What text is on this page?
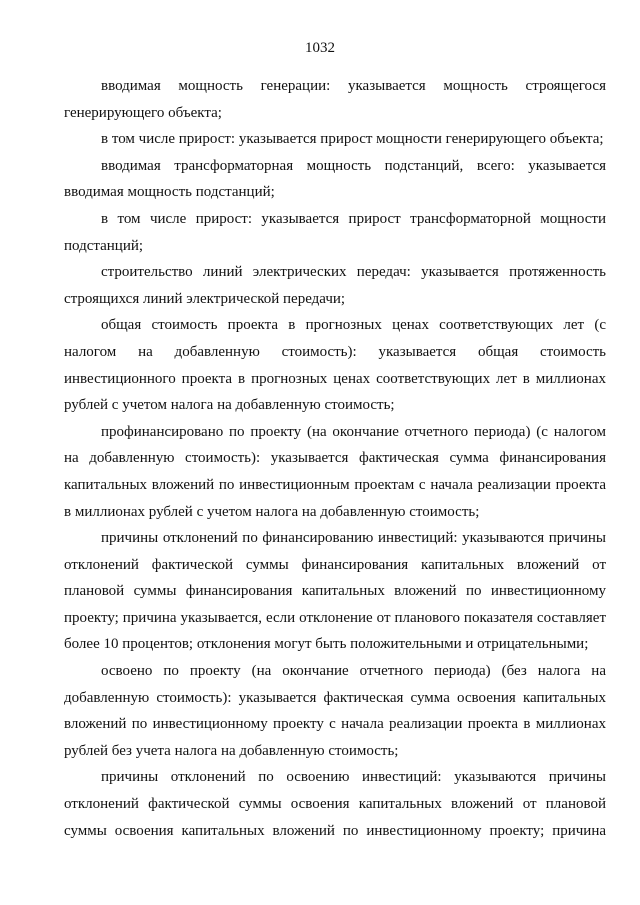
1032

вводимая мощность генерации: указывается мощность строящегося генерирующего объекта;

в том числе прирост: указывается прирост мощности генерирующего объекта;

вводимая трансформаторная мощность подстанций, всего: указывается вводимая мощность подстанций;

в том числе прирост: указывается прирост трансформаторной мощности подстанций;

строительство линий электрических передач: указывается протяженность строящихся линий электрической передачи;

общая стоимость проекта в прогнозных ценах соответствующих лет (с налогом на добавленную стоимость): указывается общая стоимость инвестиционного проекта в прогнозных ценах соответствующих лет в миллионах рублей с учетом налога на добавленную стоимость;

профинансировано по проекту (на окончание отчетного периода) (с налогом на добавленную стоимость): указывается фактическая сумма финансирования капитальных вложений по инвестиционным проектам с начала реализации проекта в миллионах рублей с учетом налога на добавленную стоимость;

причины отклонений по финансированию инвестиций: указываются причины отклонений фактической суммы финансирования капитальных вложений от плановой суммы финансирования капитальных вложений по инвестиционному проекту; причина указывается, если отклонение от планового показателя составляет более 10 процентов; отклонения могут быть положительными и отрицательными;

освоено по проекту (на окончание отчетного периода) (без налога на добавленную стоимость): указывается фактическая сумма освоения капитальных вложений по инвестиционному проекту с начала реализации проекта в миллионах рублей без учета налога на добавленную стоимость;

причины отклонений по освоению инвестиций: указываются причины отклонений фактической суммы освоения капитальных вложений от плановой суммы освоения капитальных вложений по инвестиционному проекту; причина
